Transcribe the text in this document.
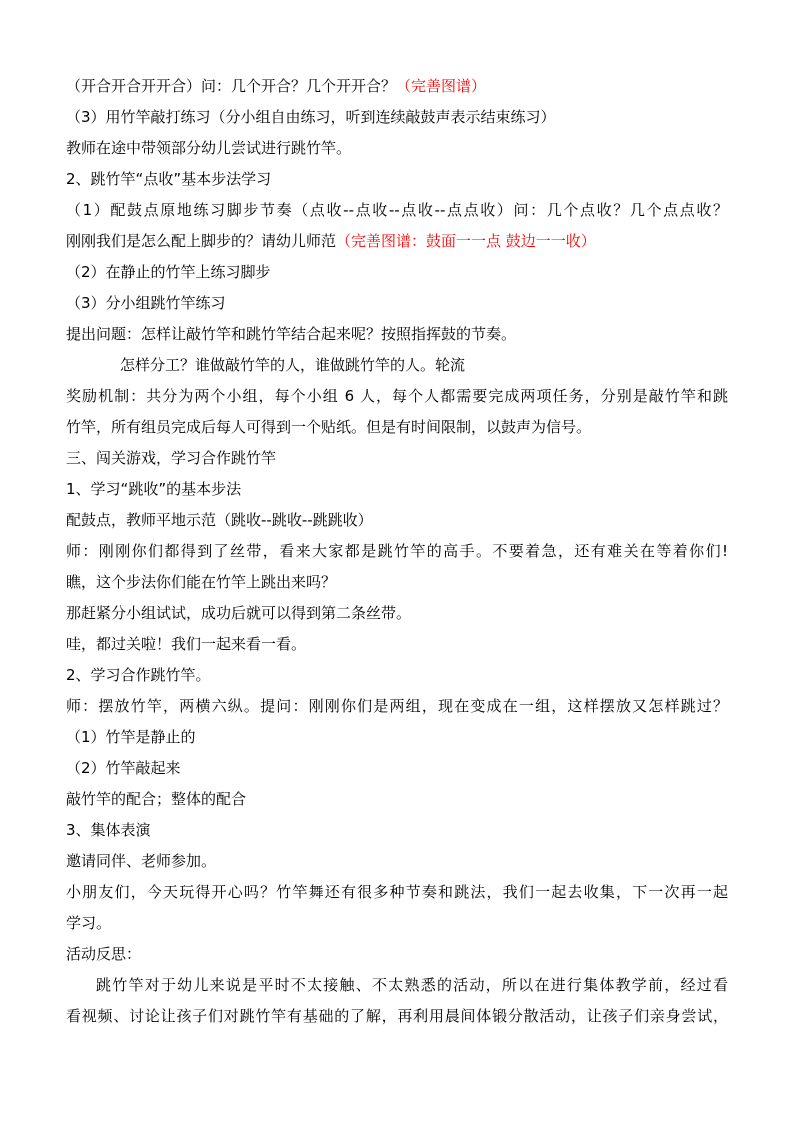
（开合开合开开合）问：几个开合？几个开开合？（完善图谱）
（3）用竹竿敲打练习（分小组自由练习，听到连续敲鼓声表示结束练习）
教师在途中带领部分幼儿尝试进行跳竹竿。
2、跳竹竿“点收”基本步法学习
（1）配鼓点原地练习脚步节奏（点收--点收--点收--点点收）问：几个点收？几个点点收？
刚刚我们是怎么配上脚步的？请幼儿师范（完善图谱：鼓面一一点 鼓边一一收）
（2）在静止的竹竿上练习脚步
（3）分小组跳竹竿练习
提出问题：怎样让敲竹竿和跳竹竿结合起来呢？按照指挥鼓的节奏。
怎样分工？谁做敲竹竿的人，谁做跳竹竿的人。轮流
奖励机制：共分为两个小组，每个小组 6 人，每个人都需要完成两项任务，分别是敲竹竿和跳
竹竿，所有组员完成后每人可得到一个贴纸。但是有时间限制，以鼓声为信号。
三、闯关游戏，学习合作跳竹竿
1、学习“跳收”的基本步法
配鼓点，教师平地示范（跳收--跳收--跳跳收）
师：刚刚你们都得到了丝带，看来大家都是跳竹竿的高手。不要着急，还有难关在等着你们!
瞧，这个步法你们能在竹竿上跳出来吗？
那赶紧分小组试试，成功后就可以得到第二条丝带。
哇，都过关啦！我们一起来看一看。
2、学习合作跳竹竿。
师：摆放竹竿，两横六纵。提问：刚刚你们是两组，现在变成在一组，这样摆放又怎样跳过？
（1）竹竿是静止的
（2）竹竿敲起来
敲竹竿的配合；整体的配合
3、集体表演
邀请同伴、老师参加。
小朋友们，今天玩得开心吗？竹竿舞还有很多种节奏和跳法，我们一起去收集，下一次再一起
学习。
活动反思：
跳竹竿对于幼儿来说是平时不太接触、不太熟悉的活动，所以在进行集体教学前，经过看
看视频、讨论让孩子们对跳竹竿有基础的了解，再利用晨间体锻分散活动，让孩子们亲身尝试，
